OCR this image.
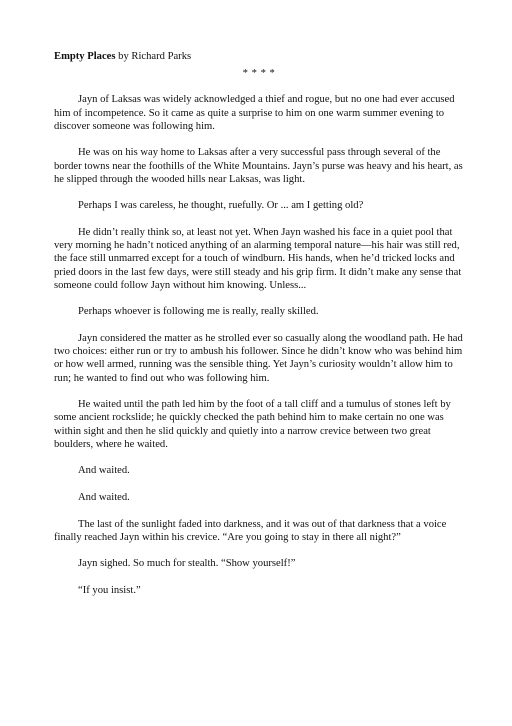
Empty Places by Richard Parks
* * * *

Jayn of Laksas was widely acknowledged a thief and rogue, but no one had ever accused him of incompetence. So it came as quite a surprise to him on one warm summer evening to discover someone was following him.

He was on his way home to Laksas after a very successful pass through several of the border towns near the foothills of the White Mountains. Jayn’s purse was heavy and his heart, as he slipped through the wooded hills near Laksas, was light.

Perhaps I was careless, he thought, ruefully. Or ... am I getting old?

He didn’t really think so, at least not yet. When Jayn washed his face in a quiet pool that very morning he hadn’t noticed anything of an alarming temporal nature—his hair was still red, the face still unmarred except for a touch of windburn. His hands, when he’d tricked locks and pried doors in the last few days, were still steady and his grip firm. It didn’t make any sense that someone could follow Jayn without him knowing. Unless...

Perhaps whoever is following me is really, really skilled.

Jayn considered the matter as he strolled ever so casually along the woodland path. He had two choices: either run or try to ambush his follower. Since he didn’t know who was behind him or how well armed, running was the sensible thing. Yet Jayn’s curiosity wouldn’t allow him to run; he wanted to find out who was following him.

He waited until the path led him by the foot of a tall cliff and a tumulus of stones left by some ancient rockslide; he quickly checked the path behind him to make certain no one was within sight and then he slid quickly and quietly into a narrow crevice between two great boulders, where he waited.

And waited.

And waited.

The last of the sunlight faded into darkness, and it was out of that darkness that a voice finally reached Jayn within his crevice. “Are you going to stay in there all night?”

Jayn sighed. So much for stealth. “Show yourself!”

“If you insist.”
